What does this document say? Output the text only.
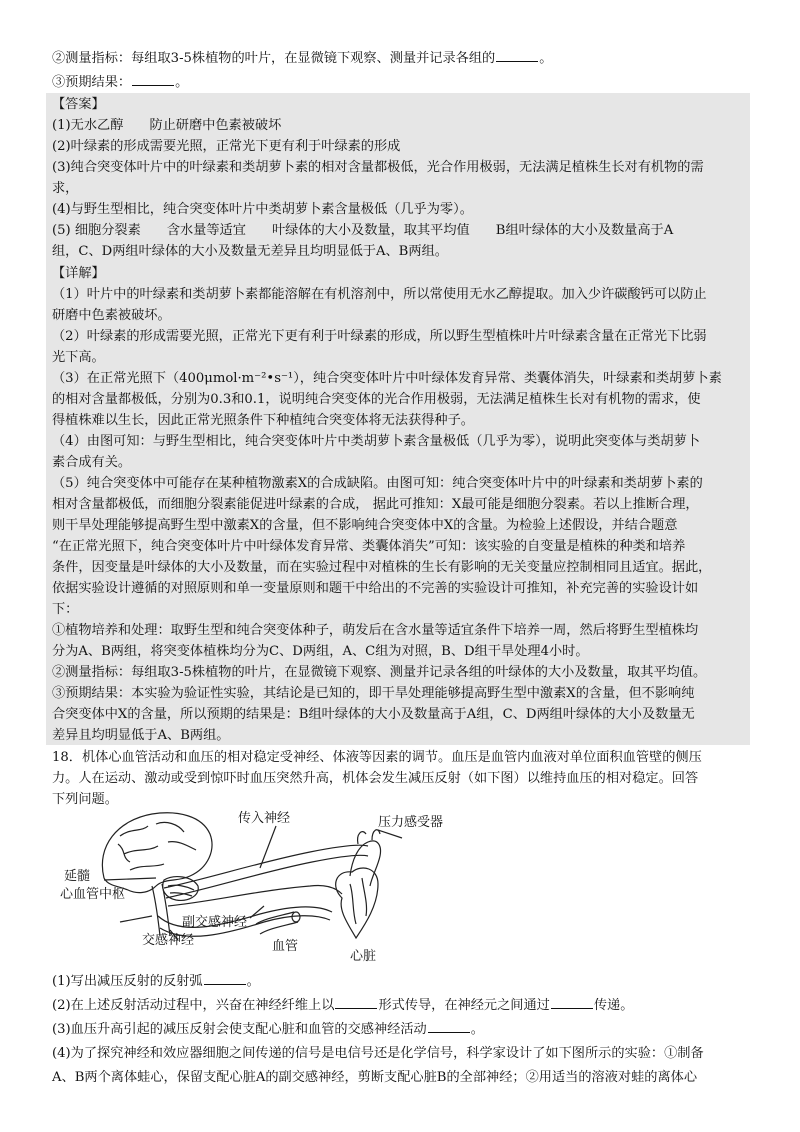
②测量指标：每组取3-5株植物的叶片，在显微镜下观察、测量并记录各组的	。
③预期结果：	。
【答案】
(1)无水乙醇 防止研磨中色素被破坏
(2)叶绿素的形成需要光照，正常光下更有利于叶绿素的形成
(3)纯合突变体叶片中的叶绿素和类胡萝卜素的相对含量都极低，光合作用极弱，无法满足植株生长对有机物的需
求，
(4)与野生型相比，纯合突变体叶片中类胡萝卜素含量极低（几乎为零）。
(5) 细胞分裂素 含水量等适宜 叶绿体的大小及数量，取其平均值 B组叶绿体的大小及数量高于A
组，C、D两组叶绿体的大小及数量无差异且均明显低于A、B两组。
【详解】
（1）叶片中的叶绿素和类胡萝卜素都能溶解在有机溶剂中，所以常使用无水乙醇提取。加入少许碳酸钙可以防止
研磨中色素被破坏。
（2）叶绿素的形成需要光照，正常光下更有利于叶绿素的形成，所以野生型植株叶片叶绿素含量在正常光下比弱
光下高。
（3）在正常光照下（400μmol·m⁻²•s⁻¹），纯合突变体叶片中叶绿体发育异常、类囊体消失，叶绿素和类胡萝卜素
的相对含量都极低，分别为0.3和0.1，说明纯合突变体的光合作用极弱，无法满足植株生长对有机物的需求，使
得植株难以生长，因此正常光照条件下种植纯合突变体将无法获得种子。
（4）由图可知：与野生型相比，纯合突变体叶片中类胡萝卜素含量极低（几乎为零），说明此突变体与类胡萝卜
素合成有关。
（5）纯合突变体中可能存在某种植物激素X的合成缺陷。由图可知：纯合突变体叶片中的叶绿素和类胡萝卜素的
相对含量都极低，而细胞分裂素能促进叶绿素的合成， 据此可推知：X最可能是细胞分裂素。若以上推断合理，
则干旱处理能够提高野生型中激素X的含量，但不影响纯合突变体中X的含量。为检验上述假设，并结合题意
“在正常光照下，纯合突变体叶片中叶绿体发育异常、类囊体消失”可知：该实验的自变量是植株的种类和培养
条件，因变量是叶绿体的大小及数量，而在实验过程中对植株的生长有影响的无关变量应控制相同且适宜。据此，
依据实验设计遵循的对照原则和单一变量原则和题干中给出的不完善的实验设计可推知，补充完善的实验设计如
下：
①植物培养和处理：取野生型和纯合突变体种子，萌发后在含水量等适宜条件下培养一周，然后将野生型植株均
分为A、B两组，将突变体植株均分为C、D两组，A、C组为对照，B、D组干旱处理4小时。
②测量指标：每组取3-5株植物的叶片，在显微镜下观察、测量并记录各组的叶绿体的大小及数量，取其平均值。
③预期结果：本实验为验证性实验，其结论是已知的，即干旱处理能够提高野生型中激素X的含量，但不影响纯
合突变体中X的含量，所以预期的结果是：B组叶绿体的大小及数量高于A组，C、D两组叶绿体的大小及数量无
差异且均明显低于A、B两组。
18．机体心血管活动和血压的相对稳定受神经、体液等因素的调节。血压是血管内血液对单位面积血管壁的侧压
力。人在运动、激动或受到惊吓时血压突然升高，机体会发生减压反射（如下图）以维持血压的相对稳定。回答
下列问题。
传入神经	压力感受器
延髓
心血管中枢
副交感神经
交感神经	血管
心脏
(1)写出减压反射的反射弧	。
(2)在上述反射活动过程中，兴奋在神经纤维上以	形式传导，在神经元之间通过	传递。
(3)血压升高引起的减压反射会使支配心脏和血管的交感神经活动	。
(4)为了探究神经和效应器细胞之间传递的信号是电信号还是化学信号，科学家设计了如下图所示的实验：①制备
A、B两个离体蛙心，保留支配心脏A的副交感神经，剪断支配心脏B的全部神经；②用适当的溶液对蛙的离体心
